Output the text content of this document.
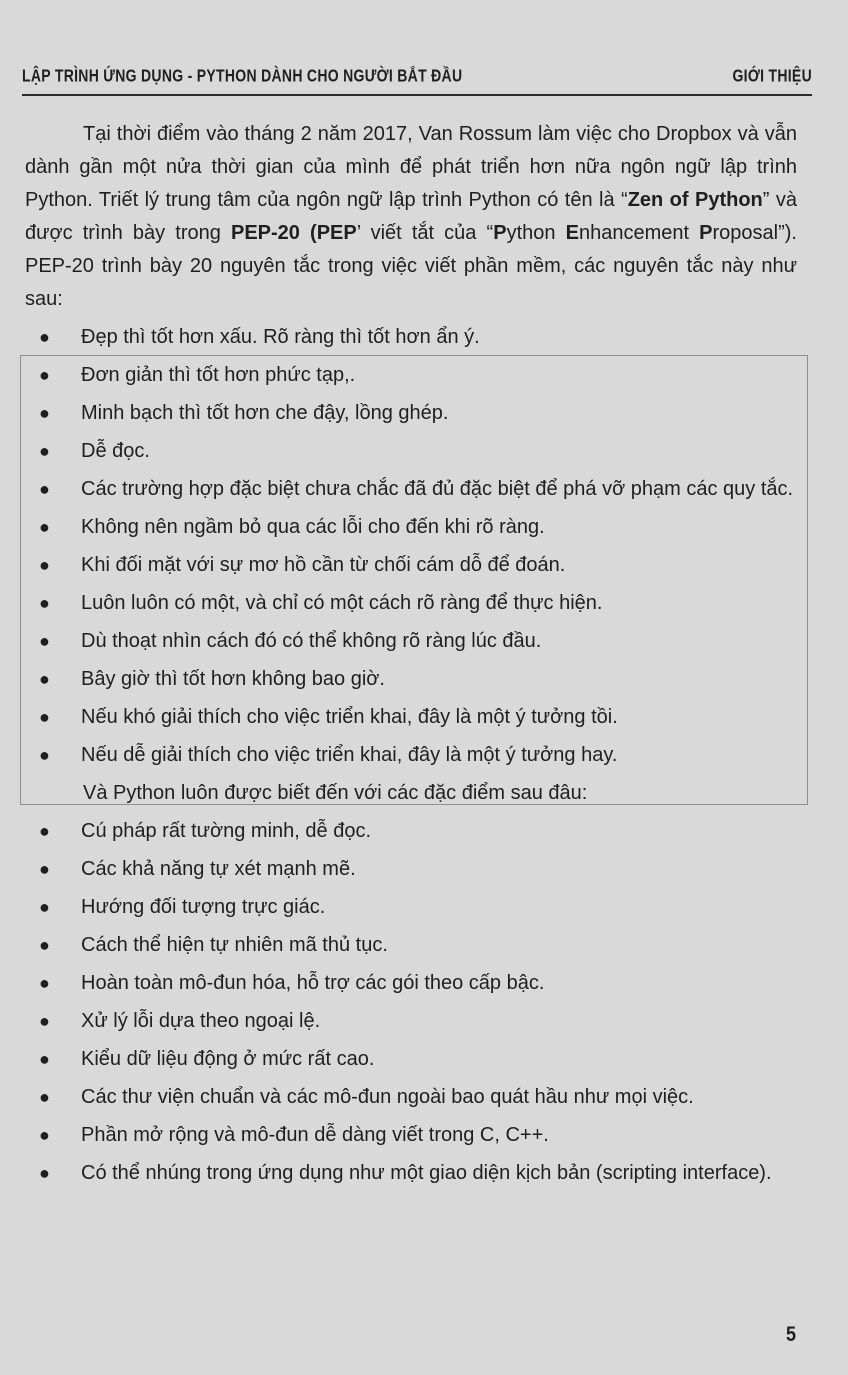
LẬP TRÌNH ỨNG DỤNG - PYTHON DÀNH CHO NGƯỜI BẮT ĐẦU	GIỚI THIỆU

Tại thời điểm vào tháng 2 năm 2017, Van Rossum làm việc cho Dropbox và vẫn dành gần một nửa thời gian của mình để phát triển hơn nữa ngôn ngữ lập trình Python. Triết lý trung tâm của ngôn ngữ lập trình Python có tên là “Zen of Python” và được trình bày trong PEP-20 (PEP’ viết tắt của “Python Enhancement Proposal”). PEP-20 trình bày 20 nguyên tắc trong việc viết phần mềm, các nguyên tắc này như sau:

● Đẹp thì tốt hơn xấu. Rõ ràng thì tốt hơn ẩn ý.
● Đơn giản thì tốt hơn phức tạp,.
● Minh bạch thì tốt hơn che đậy, lồng ghép.
● Dễ đọc.
● Các trường hợp đặc biệt chưa chắc đã đủ đặc biệt để phá vỡ phạm các quy tắc.
● Không nên ngầm bỏ qua các lỗi cho đến khi rõ ràng.
● Khi đối mặt với sự mơ hồ cần từ chối cám dỗ để đoán.
● Luôn luôn có một, và chỉ có một cách rõ ràng để thực hiện.
● Dù thoạt nhìn cách đó có thể không rõ ràng lúc đầu.
● Bây giờ thì tốt hơn không bao giờ.
● Nếu khó giải thích cho việc triển khai, đây là một ý tưởng tồi.
● Nếu dễ giải thích cho việc triển khai, đây là một ý tưởng hay.

Và Python luôn được biết đến với các đặc điểm sau đâu:

● Cú pháp rất tường minh, dễ đọc.
● Các khả năng tự xét mạnh mẽ.
● Hướng đối tượng trực giác.
● Cách thể hiện tự nhiên mã thủ tục.
● Hoàn toàn mô-đun hóa, hỗ trợ các gói theo cấp bậc.
● Xử lý lỗi dựa theo ngoại lệ.
● Kiểu dữ liệu động ở mức rất cao.
● Các thư viện chuẩn và các mô-đun ngoài bao quát hầu như mọi việc.
● Phần mở rộng và mô-đun dễ dàng viết trong C, C++.
● Có thể nhúng trong ứng dụng như một giao diện kịch bản (scripting interface).
5
